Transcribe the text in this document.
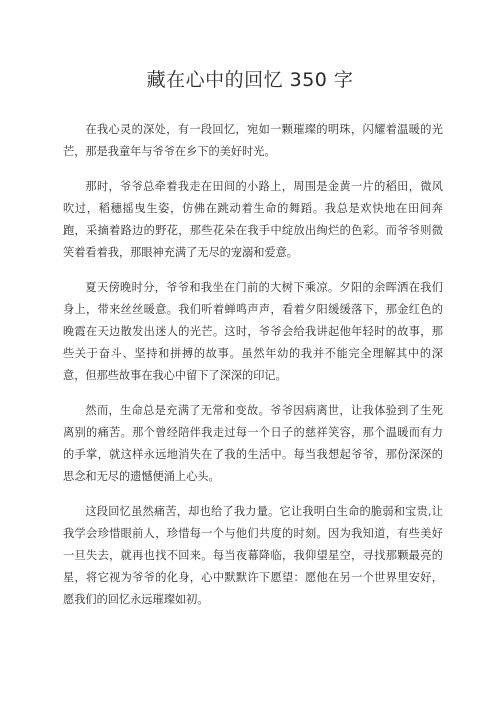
藏在心中的回忆 350 字

在我心灵的深处，有一段回忆，宛如一颗璀璨的明珠，闪耀着温暖的光芒，那是我童年与爷爷在乡下的美好时光。

那时，爷爷总牵着我走在田间的小路上，周围是金黄一片的稻田，微风吹过，稻穗摇曳生姿，仿佛在跳动着生命的舞蹈。我总是欢快地在田间奔跑，采摘着路边的野花，那些花朵在我手中绽放出绚烂的色彩。而爷爷则微笑着看着我，那眼神充满了无尽的宠溺和爱意。

夏天傍晚时分，爷爷和我坐在门前的大树下乘凉。夕阳的余晖洒在我们身上，带来丝丝暖意。我们听着蝉鸣声声，看着夕阳缓缓落下，那金红色的晚霞在天边散发出迷人的光芒。这时，爷爷会给我讲起他年轻时的故事，那些关于奋斗、坚持和拼搏的故事。虽然年幼的我并不能完全理解其中的深意，但那些故事在我心中留下了深深的印记。

然而，生命总是充满了无常和变故。爷爷因病离世，让我体验到了生死离别的痛苦。那个曾经陪伴我走过每一个日子的慈祥笑容，那个温暖而有力的手掌，就这样永远地消失在了我的生活中。每当我想起爷爷，那份深深的思念和无尽的遗憾便涌上心头。

这段回忆虽然痛苦，却也给了我力量。它让我明白生命的脆弱和宝贵,让我学会珍惜眼前人，珍惜每一个与他们共度的时刻。因为我知道，有些美好一旦失去，就再也找不回来。每当夜幕降临，我仰望星空，寻找那颗最亮的星，将它视为爷爷的化身，心中默默许下愿望：愿他在另一个世界里安好，愿我们的回忆永远璀璨如初。
